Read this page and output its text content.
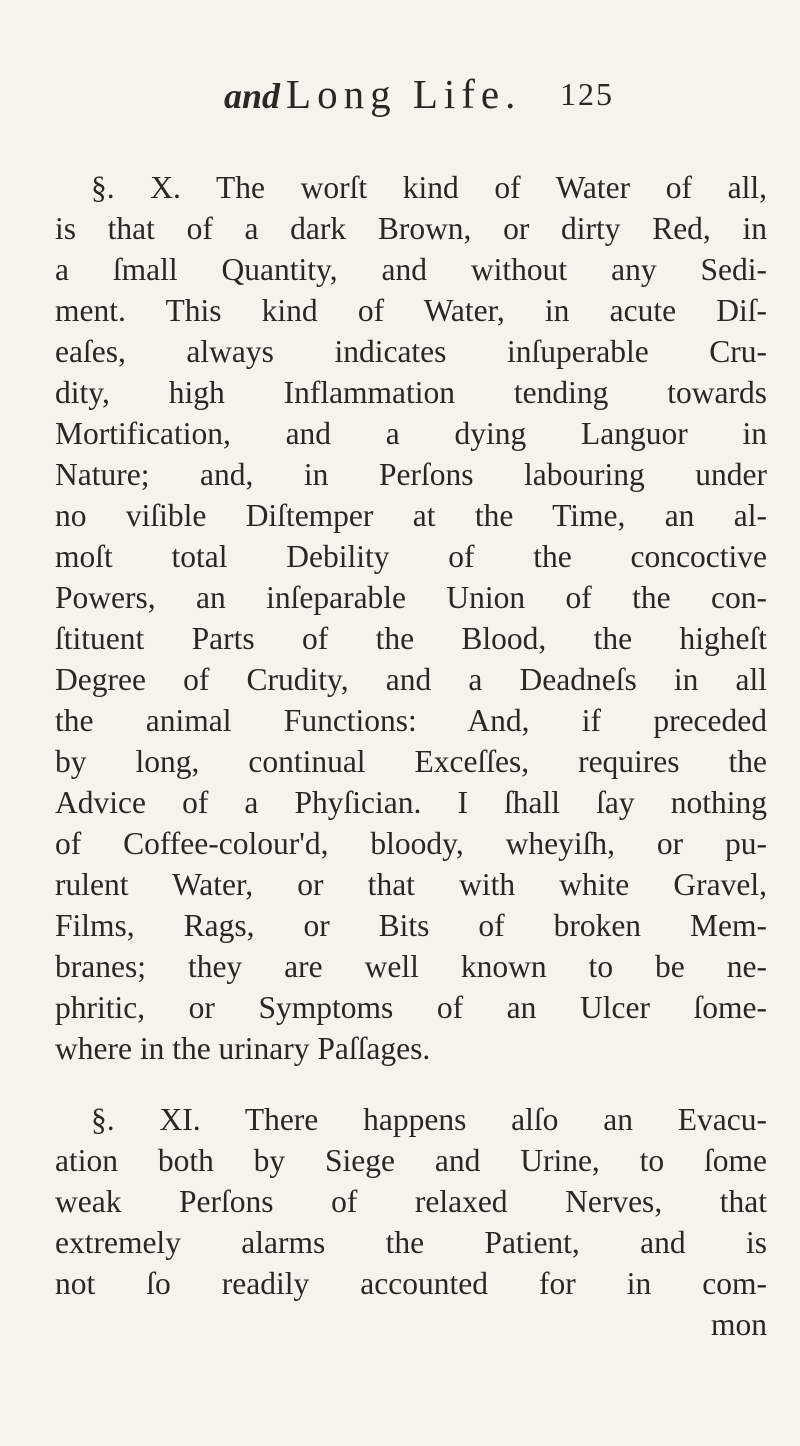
and Long Life. 125
§. X. The worſt kind of Water of all,
is that of a dark Brown, or dirty Red, in
a ſmall Quantity, and without any Sedi-
ment. This kind of Water, in acute Diſ-
eaſes, always indicates inſuperable Cru-
dity, high Inflammation tending towards
Mortification, and a dying Languor in
Nature; and, in Perſons labouring under
no viſible Diſtemper at the Time, an al-
moſt total Debility of the concoctive
Powers, an inſeparable Union of the con-
ſtituent Parts of the Blood, the higheſt
Degree of Crudity, and a Deadneſs in all
the animal Functions: And, if preceded
by long, continual Exceſſes, requires the
Advice of a Phyſician. I ſhall ſay nothing
of Coffee-colour'd, bloody, wheyiſh, or pu-
rulent Water, or that with white Gravel,
Films, Rags, or Bits of broken Mem-
branes; they are well known to be ne-
phritic, or Symptoms of an Ulcer ſome-
where in the urinary Paſſages.
§. XI. There happens alſo an Evacu-
ation both by Siege and Urine, to ſome
weak Perſons of relaxed Nerves, that
extremely alarms the Patient, and is
not ſo readily accounted for in com-
mon
